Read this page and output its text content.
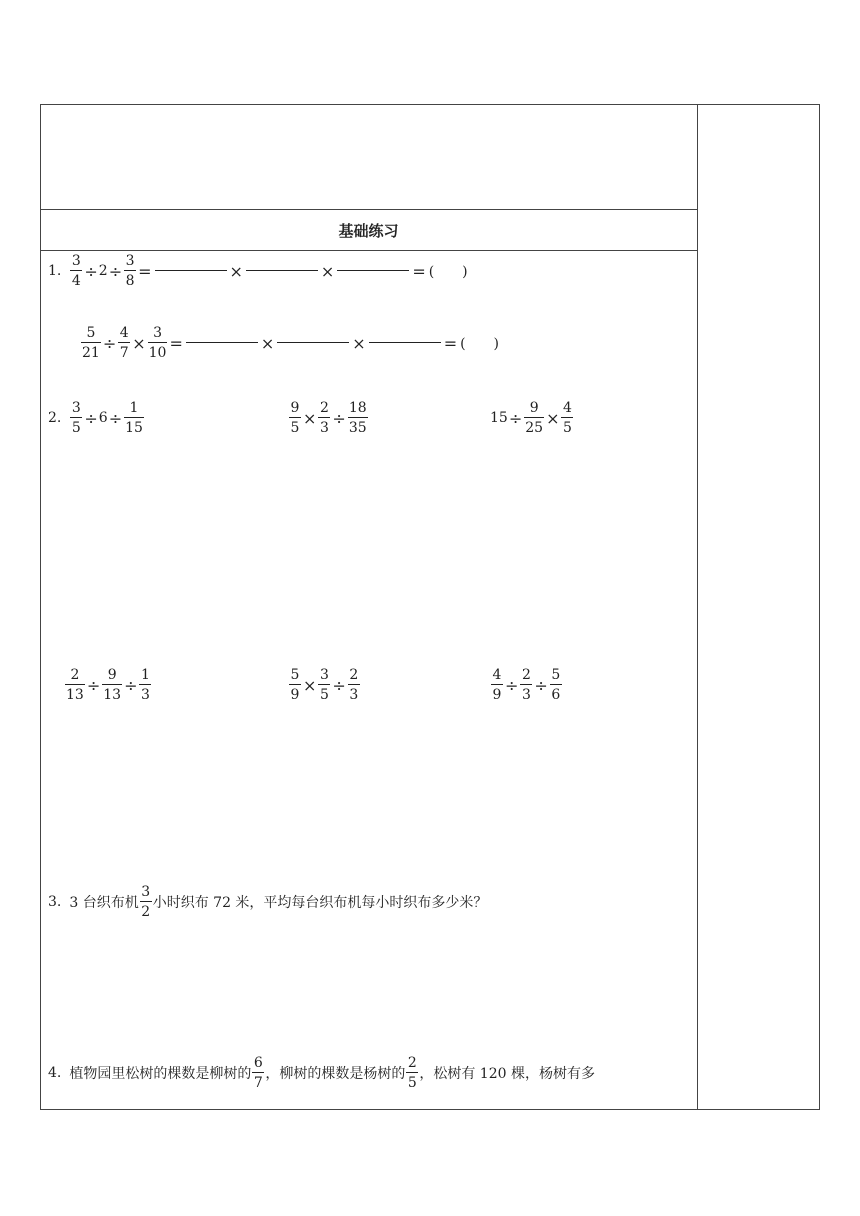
基础练习
1. $\frac{3}{4} \div 2 \div \frac{3}{8}$ =	×	×	= (　　)
$\frac{5}{21} \div \frac{4}{7} \times \frac{3}{10}$ =	×	×	= (　　)
2. $\frac{3}{5} \div 6 \div \frac{1}{15}$	$\frac{9}{5} \times \frac{2}{3} \div \frac{18}{35}$	$15 \div \frac{9}{25} \times \frac{4}{5}$
$\frac{2}{13} \div \frac{9}{13} \div \frac{1}{3}$	$\frac{5}{9} \times \frac{3}{5} \div \frac{2}{3}$	$\frac{4}{9} \div \frac{2}{3} \div \frac{5}{6}$
3. 3 台织布机 $\frac{3}{2}$ 小时织布 72 米，平均每台织布机每小时织布多少米？
4. 植物园里松树的棵数是柳树的 $\frac{6}{7}$ ，柳树的棵数是杨树的 $\frac{2}{5}$ ，松树有 120 棵，杨树有多
